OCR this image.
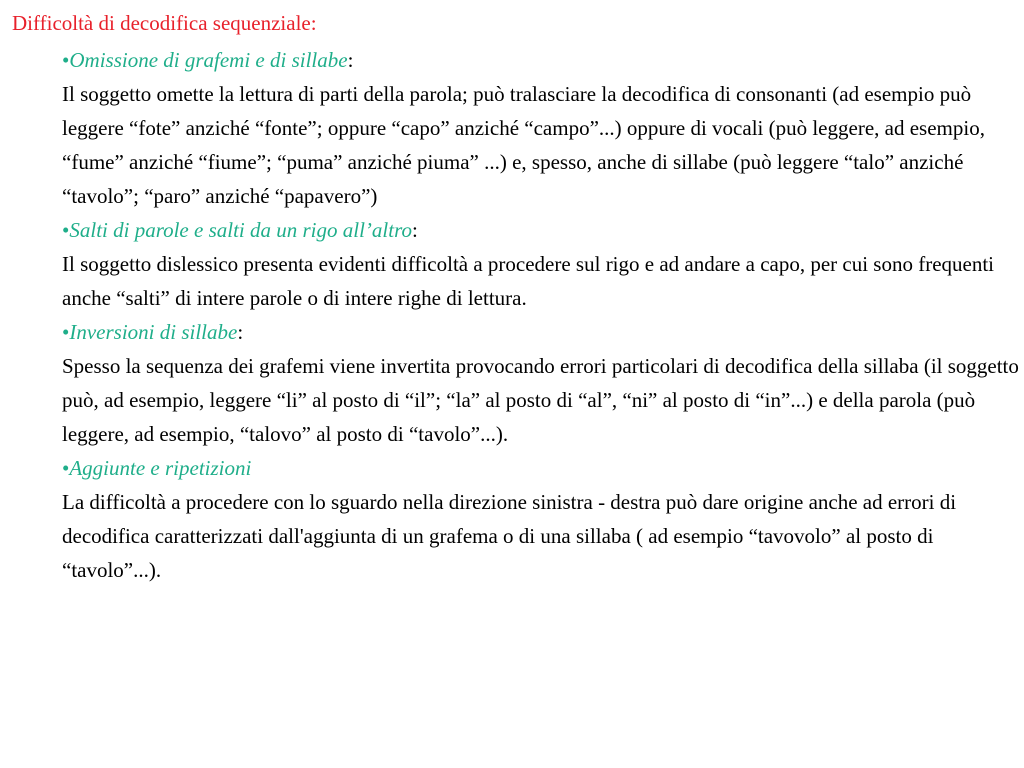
Difficoltà di decodifica sequenziale:
•Omissione di grafemi e di sillabe:

Il soggetto omette la lettura di parti della parola; può tralasciare la decodifica di consonanti (ad esempio può leggere “fote” anziché “fonte”; oppure “capo” anziché “campo”...) oppure di vocali (può leggere, ad esempio, “fume” anziché “fiume”; “puma” anziché piuma” ...) e, spesso, anche di sillabe (può leggere “talo” anziché “tavolo”; “paro” anziché “papavero”)

•Salti di parole e salti da un rigo all’altro:

Il soggetto dislessico presenta evidenti difficoltà a procedere sul rigo e ad andare a capo, per cui sono frequenti anche “salti” di intere parole o di intere righe di lettura.

•Inversioni di sillabe:

Spesso la sequenza dei grafemi viene invertita provocando errori particolari di decodifica della sillaba (il soggetto può, ad esempio, leggere “li” al posto di “il”; “la” al posto di “al”, “ni” al posto di “in”...) e della parola (può leggere, ad esempio, “talovo” al posto di “tavolo”...).

•Aggiunte e ripetizioni

La difficoltà a procedere con lo sguardo nella direzione sinistra - destra può dare origine anche ad errori di decodifica caratterizzati dall'aggiunta di un grafema o di una sillaba ( ad esempio “tavovolo” al posto di “tavolo”...).
